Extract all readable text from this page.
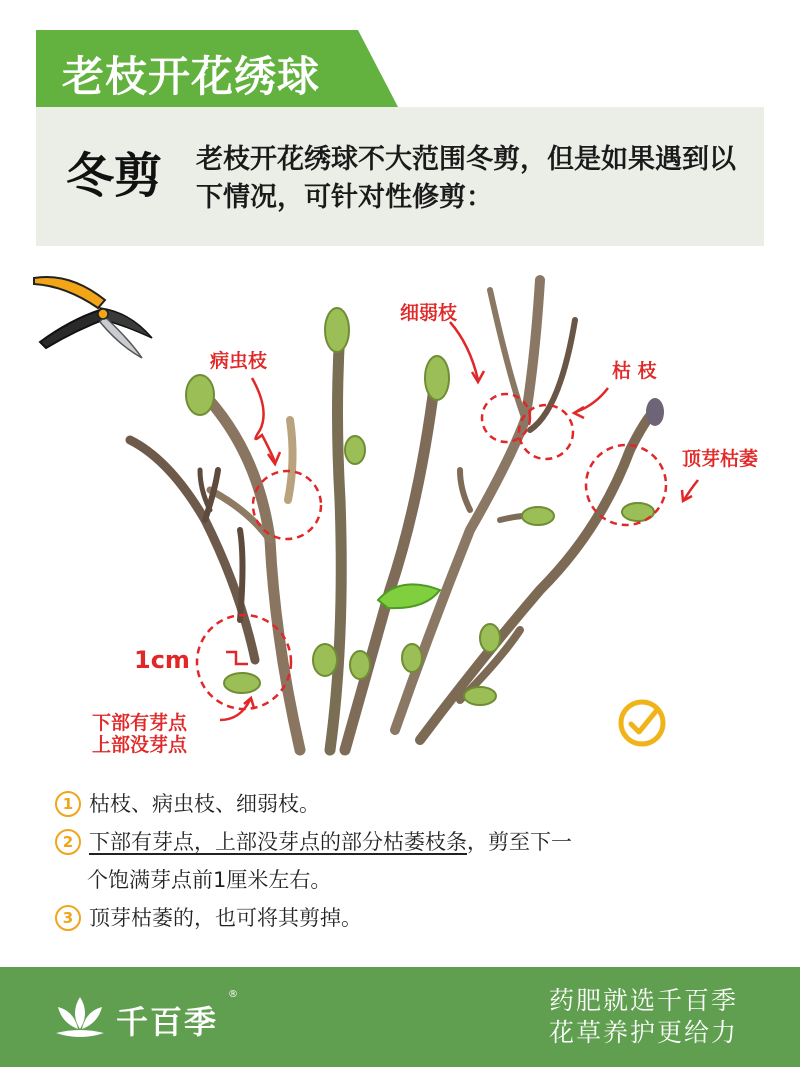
老枝开花绣球
冬剪 老枝开花绣球不大范围冬剪，但是如果遇到以下情况，可针对性修剪：
病虫枝
细弱枝
枯 枝
顶芽枯萎
1cm
下部有芽点
上部没芽点
1 枯枝、病虫枝、细弱枝。
2 下部有芽点，上部没芽点的部分枯萎枝条，剪至下一
个饱满芽点前1厘米左右。
3 顶芽枯萎的，也可将其剪掉。
千百季
®	药肥就选千百季
花草养护更给力
